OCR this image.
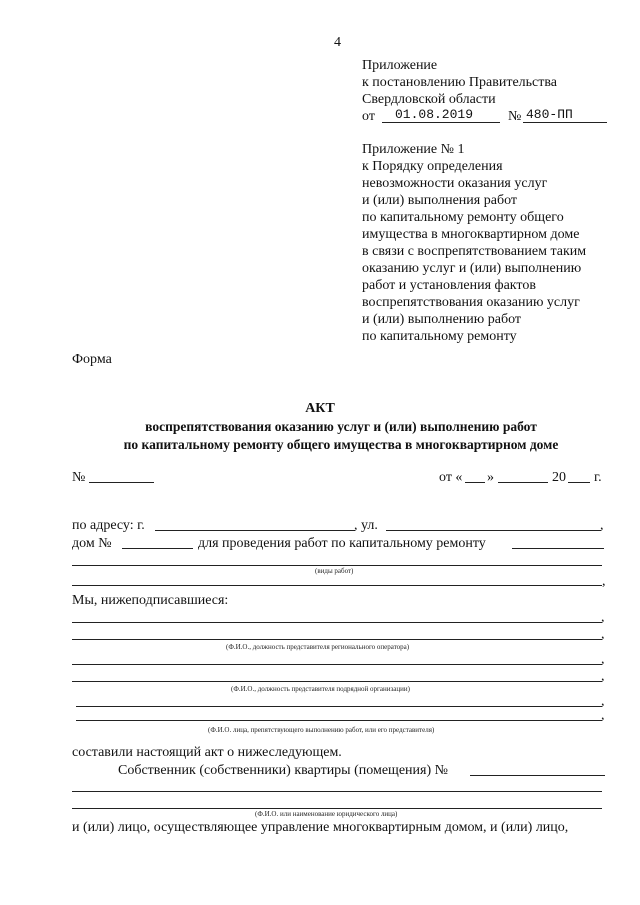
4
Приложение
к постановлению Правительства
Свердловской области
от 01.08.2019 № 480-ПП
Приложение № 1
к Порядку определения
невозможности оказания услуг
и (или) выполнения работ
по капитальному ремонту общего
имущества в многоквартирном доме
в связи с воспрепятствованием таким
оказанию услуг и (или) выполнению
работ и установления фактов
воспрепятствования оказанию услуг
и (или) выполнению работ
по капитальному ремонту
Форма
АКТ
воспрепятствования оказанию услуг и (или) выполнению работ
по капитальному ремонту общего имущества в многоквартирном доме
№	от « »	20 г.
по адресу: г.	, ул.	,
дом №	для проведения работ по капитальному ремонту
(виды работ)
,
Мы, нижеподписавшиеся:
,
,
(Ф.И.О., должность представителя регионального оператора)
,
,
(Ф.И.О., должность представителя подрядной организации)
,
,
(Ф.И.О. лица, препятствующего выполнению работ, или его представителя)
составили настоящий акт о нижеследующем.
Собственник (собственники) квартиры (помещения) №
(Ф.И.О. или наименование юридического лица)
и (или) лицо, осуществляющее управление многоквартирным домом, и (или) лицо,
